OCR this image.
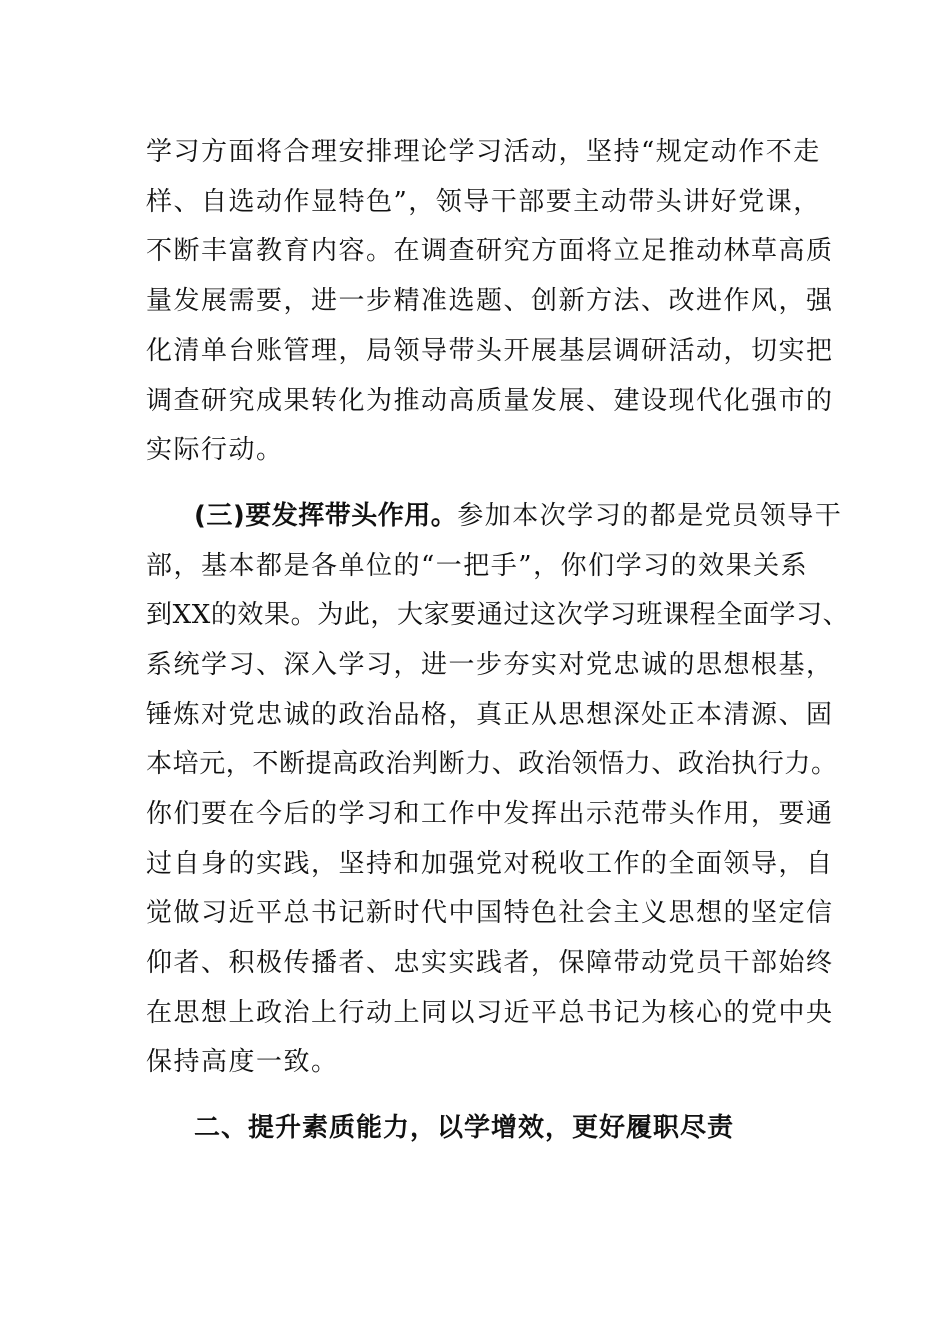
学习方面将合理安排理论学习活动，坚持“规定动作不走
样、自选动作显特色”，领导干部要主动带头讲好党课，
不断丰富教育内容。在调查研究方面将立足推动林草高质
量发展需要，进一步精准选题、创新方法、改进作风，强
化清单台账管理，局领导带头开展基层调研活动，切实把
调查研究成果转化为推动高质量发展、建设现代化强市的
实际行动。
(三)要发挥带头作用。参加本次学习的都是党员领导干
部，基本都是各单位的“一把手”，你们学习的效果关系
到XX的效果。为此，大家要通过这次学习班课程全面学习、
系统学习、深入学习，进一步夯实对党忠诚的思想根基，
锤炼对党忠诚的政治品格，真正从思想深处正本清源、固
本培元，不断提高政治判断力、政治领悟力、政治执行力。
你们要在今后的学习和工作中发挥出示范带头作用，要通
过自身的实践，坚持和加强党对税收工作的全面领导，自
觉做习近平总书记新时代中国特色社会主义思想的坚定信
仰者、积极传播者、忠实实践者，保障带动党员干部始终
在思想上政治上行动上同以习近平总书记为核心的党中央
保持高度一致。
二、提升素质能力，以学增效，更好履职尽责
